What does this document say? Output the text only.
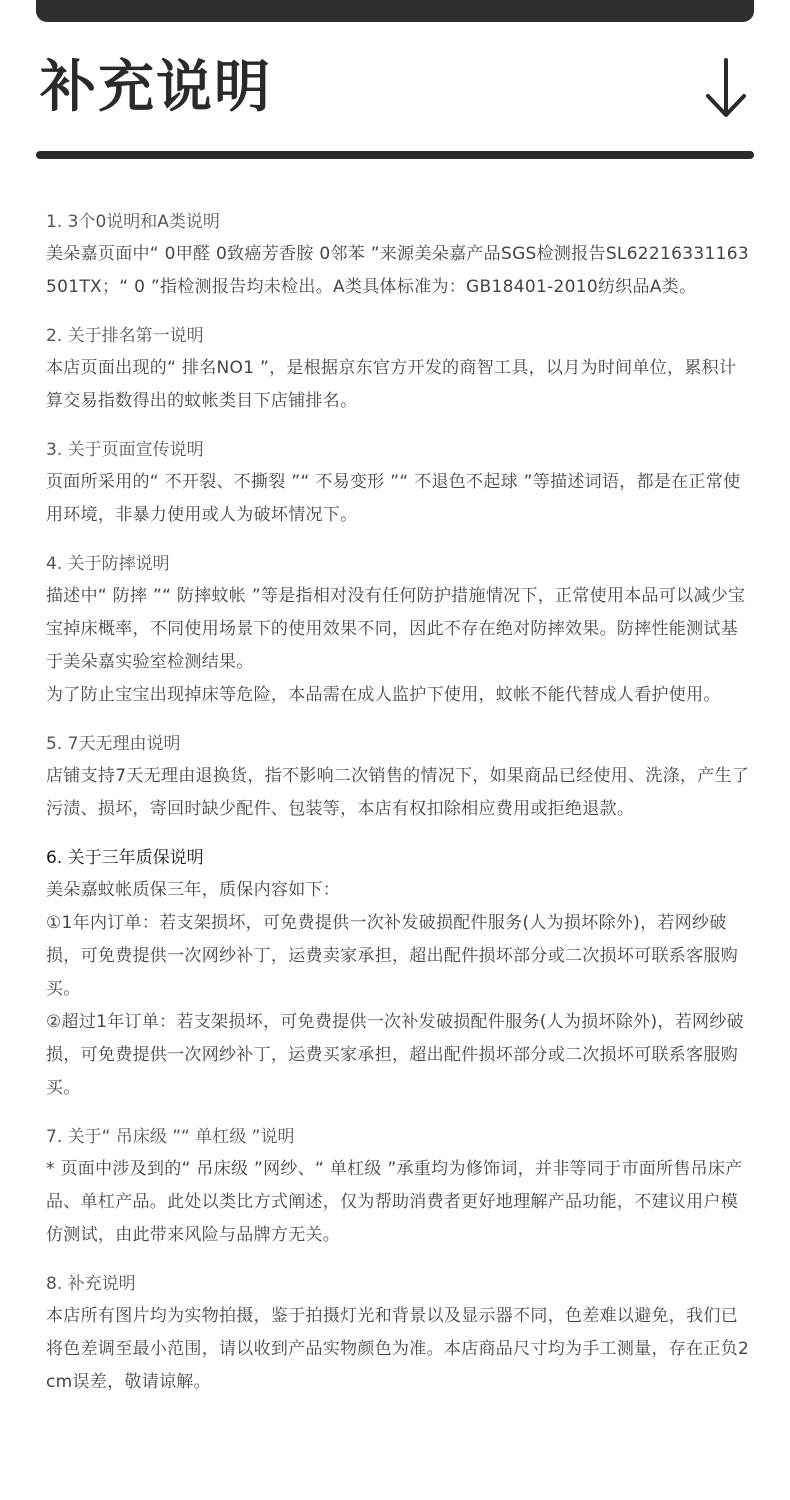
补充说明

1. 3个0说明和A类说明

美朵嘉页面中“ 0甲醛 0致癌芳香胺 0邻苯 ”来源美朵嘉产品SGS检测报告SL62216331163501TX；“ 0 ”指检测报告均未检出。A类具体标准为：GB18401-2010纺织品A类。

2. 关于排名第一说明

本店页面出现的“ 排名NO1 ”，是根据京东官方开发的商智工具，以月为时间单位，累积计算交易指数得出的蚊帐类目下店铺排名。

3. 关于页面宣传说明

页面所采用的“ 不开裂、不撕裂 ”“ 不易变形 ”“ 不退色不起球 ”等描述词语，都是在正常使用环境，非暴力使用或人为破坏情况下。

4. 关于防摔说明

描述中“ 防摔 ”“ 防摔蚊帐 ”等是指相对没有任何防护措施情况下，正常使用本品可以减少宝宝掉床概率，不同使用场景下的使用效果不同，因此不存在绝对防摔效果。防摔性能测试基于美朵嘉实验室检测结果。

为了防止宝宝出现掉床等危险，本品需在成人监护下使用，蚊帐不能代替成人看护使用。

5. 7天无理由说明

店铺支持7天无理由退换货，指不影响二次销售的情况下，如果商品已经使用、洗涤，产生了污渍、损坏，寄回时缺少配件、包装等，本店有权扣除相应费用或拒绝退款。

6. 关于三年质保说明

美朵嘉蚊帐质保三年，质保内容如下：

①1年内订单：若支架损坏，可免费提供一次补发破损配件服务(人为损坏除外)，若网纱破损，可免费提供一次网纱补丁，运费卖家承担，超出配件损坏部分或二次损坏可联系客服购买。

②超过1年订单：若支架损坏，可免费提供一次补发破损配件服务(人为损坏除外)，若网纱破损，可免费提供一次网纱补丁，运费买家承担，超出配件损坏部分或二次损坏可联系客服购买。

7. 关于“ 吊床级 ”“ 单杠级 ”说明

* 页面中涉及到的“ 吊床级 ”网纱、“ 单杠级 ”承重均为修饰词，并非等同于市面所售吊床产品、单杠产品。此处以类比方式阐述，仅为帮助消费者更好地理解产品功能，不建议用户模仿测试，由此带来风险与品牌方无关。

8. 补充说明

本店所有图片均为实物拍摄，鉴于拍摄灯光和背景以及显示器不同，色差难以避免，我们已将色差调至最小范围，请以收到产品实物颜色为准。本店商品尺寸均为手工测量，存在正负2cm误差，敬请谅解。
